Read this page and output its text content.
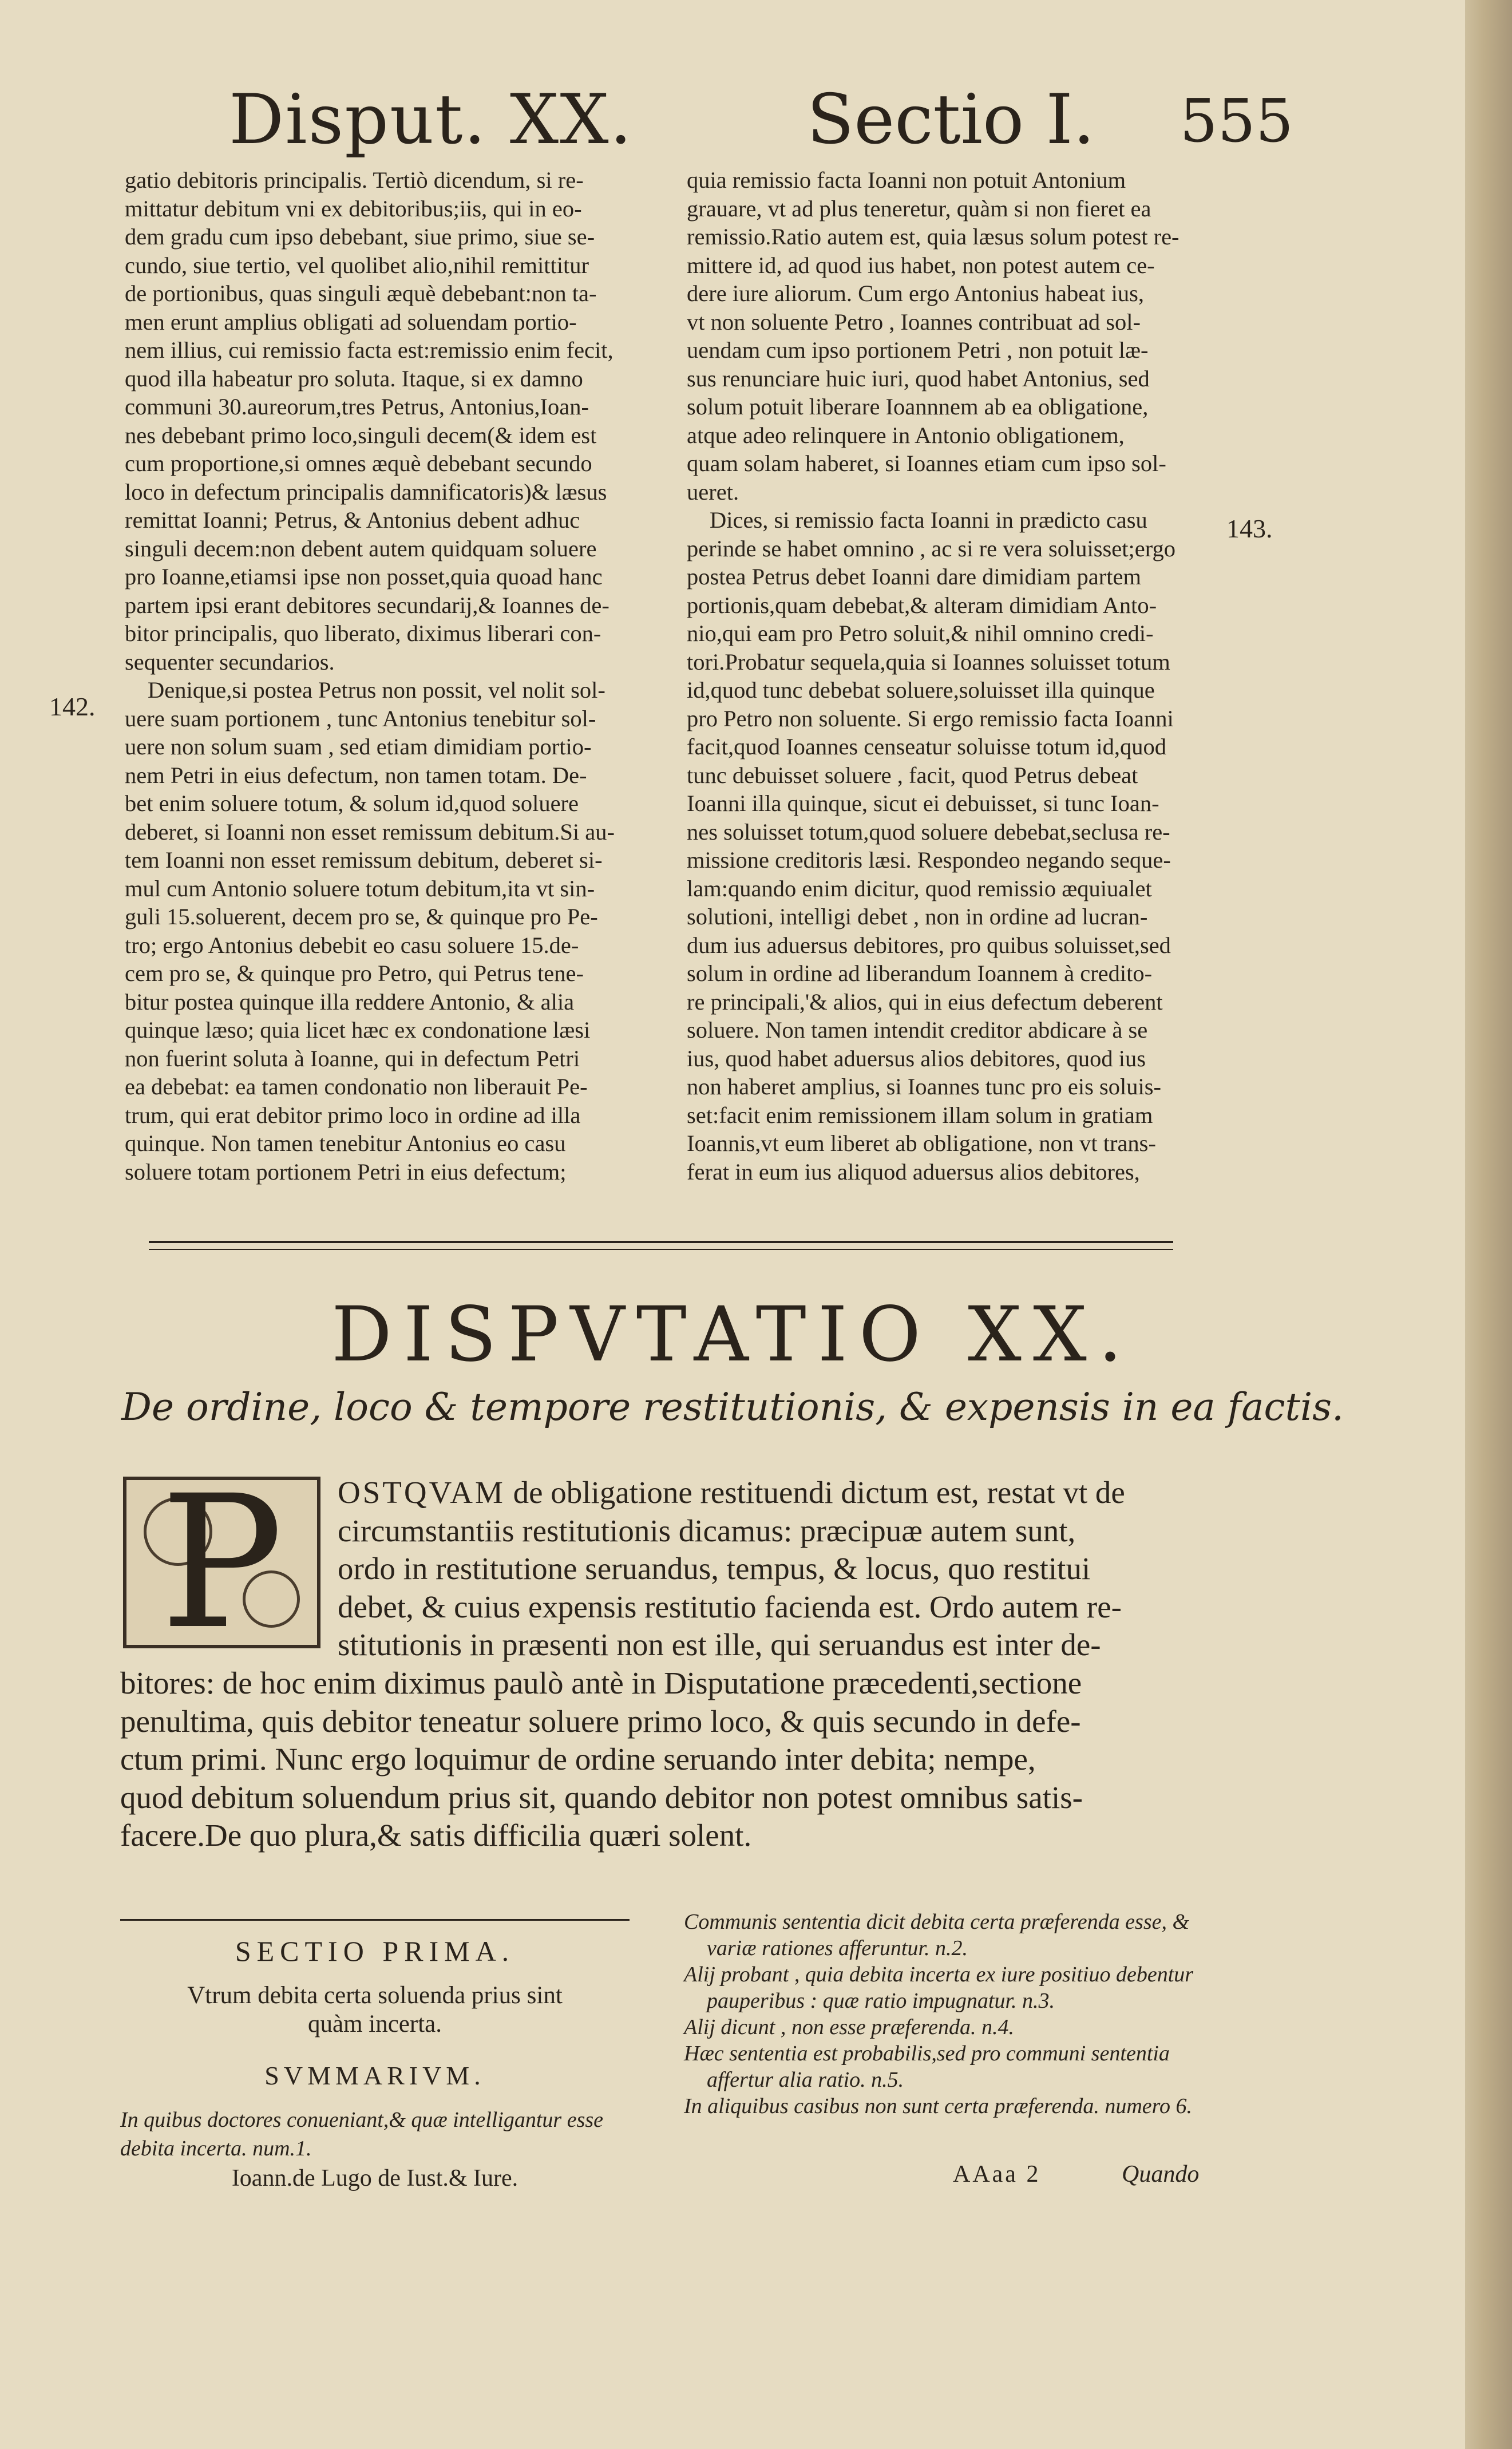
Disput. XX.	Sectio I. 555

gatio debitoris principalis. Tertiò dicendum, si re-
mittatur debitum vni ex debitoribus;iis, qui in eo-
dem gradu cum ipso debebant, siue primo, siue se-
cundo, siue tertio, vel quolibet alio,nihil remittitur
de portionibus, quas singuli æquè debebant:non ta-
men erunt amplius obligati ad soluendam portio-
nem illius, cui remissio facta est:remissio enim fecit,
quod illa habeatur pro soluta. Itaque, si ex damno
communi 30.aureorum,tres Petrus, Antonius,Ioan-
nes debebant primo loco,singuli decem(& idem est
cum proportione,si omnes æquè debebant secundo
loco in defectum principalis damnificatoris)& læsus
remittat Ioanni; Petrus, & Antonius debent adhuc
singuli decem:non debent autem quidquam soluere
pro Ioanne,etiamsi ipse non posset,quia quoad hanc
partem ipsi erant debitores secundarij,& Ioannes de-
bitor principalis, quo liberato, diximus liberari con-
sequenter secundarios.

Denique,si postea Petrus non possit, vel nolit sol-
uere suam portionem , tunc Antonius tenebitur sol-
uere non solum suam , sed etiam dimidiam portio-
nem Petri in eius defectum, non tamen totam. De-
bet enim soluere totum, & solum id,quod soluere
deberet, si Ioanni non esset remissum debitum.Si au-
tem Ioanni non esset remissum debitum, deberet si-
mul cum Antonio soluere totum debitum,ita vt sin-
guli 15.soluerent, decem pro se, & quinque pro Pe-
tro; ergo Antonius debebit eo casu soluere 15.de-
cem pro se, & quinque pro Petro, qui Petrus tene-
bitur postea quinque illa reddere Antonio, & alia
quinque læso; quia licet hæc ex condonatione læsi
non fuerint soluta à Ioanne, qui in defectum Petri
ea debebat: ea tamen condonatio non liberauit Pe-
trum, qui erat debitor primo loco in ordine ad illa
quinque. Non tamen tenebitur Antonius eo casu
soluere totam portionem Petri in eius defectum;

142.

quia remissio facta Ioanni non potuit Antonium
grauare, vt ad plus teneretur, quàm si non fieret ea
remissio.Ratio autem est, quia læsus solum potest re-
mittere id, ad quod ius habet, non potest autem ce-
dere iure aliorum. Cum ergo Antonius habeat ius,
vt non soluente Petro , Ioannes contribuat ad sol-
uendam cum ipso portionem Petri , non potuit læ-
sus renunciare huic iuri, quod habet Antonius, sed
solum potuit liberare Ioannnem ab ea obligatione,
atque adeo relinquere in Antonio obligationem,
quam solam haberet, si Ioannes etiam cum ipso sol-
ueret.

Dices, si remissio facta Ioanni in prædicto casu
perinde se habet omnino , ac si re vera soluisset;ergo
postea Petrus debet Ioanni dare dimidiam partem
portionis,quam debebat,& alteram dimidiam Anto-
nio,qui eam pro Petro soluit,& nihil omnino credi-
tori.Probatur sequela,quia si Ioannes soluisset totum
id,quod tunc debebat soluere,soluisset illa quinque
pro Petro non soluente. Si ergo remissio facta Ioanni
facit,quod Ioannes censeatur soluisse totum id,quod
tunc debuisset soluere , facit, quod Petrus debeat
Ioanni illa quinque, sicut ei debuisset, si tunc Ioan-
nes soluisset totum,quod soluere debebat,seclusa re-
missione creditoris læsi. Respondeo negando seque-
lam:quando enim dicitur, quod remissio æquiualet
solutioni, intelligi debet , non in ordine ad lucran-
dum ius aduersus debitores, pro quibus soluisset,sed
solum in ordine ad liberandum Ioannem à credito-
re principali,'& alios, qui in eius defectum deberent
soluere. Non tamen intendit creditor abdicare à se
ius, quod habet aduersus alios debitores, quod ius
non haberet amplius, si Ioannes tunc pro eis soluis-
set:facit enim remissionem illam solum in gratiam
Ioannis,vt eum liberet ab obligatione, non vt trans-
ferat in eum ius aliquod aduersus alios debitores,

143.
DISPVTATIO XX.
De ordine, loco & tempore restitutionis, & expensis in ea factis.
P	OSTQVAM de obligatione restituendi dictum est, restat vt de
circumstantiis restitutionis dicamus: præcipuæ autem sunt,
ordo in restitutione seruandus, tempus, & locus, quo restitui
debet, & cuius expensis restitutio facienda est. Ordo autem re-
stitutionis in præsenti non est ille, qui seruandus est inter de-
bitores: de hoc enim diximus paulò antè in Disputatione præcedenti,sectione
penultima, quis debitor teneatur soluere primo loco, & quis secundo in defe-
ctum primi. Nunc ergo loquimur de ordine seruando inter debita; nempe,
quod debitum soluendum prius sit, quando debitor non potest omnibus satis-
facere.De quo plura,& satis difficilia quæri solent.
SECTIO PRIMA.
Vtrum debita certa soluenda prius sint
quàm incerta.
SVMMARIVM.
In quibus doctores conueniant,& quæ intelligantur esse
debita incerta. num.1.
Ioann.de Lugo de Iust.& Iure.

Communis sententia dicit debita certa præferenda esse, & variæ rationes afferuntur. n.2.

Alij probant , quia debita incerta ex iure positiuo debentur pauperibus : quæ ratio impugnatur. n.3.

Alij dicunt , non esse præferenda. n.4.

Hæc sententia est probabilis,sed pro communi sententia affertur alia ratio. n.5.

In aliquibus casibus non sunt certa præferenda. numero 6.

AAaa 2	Quando
